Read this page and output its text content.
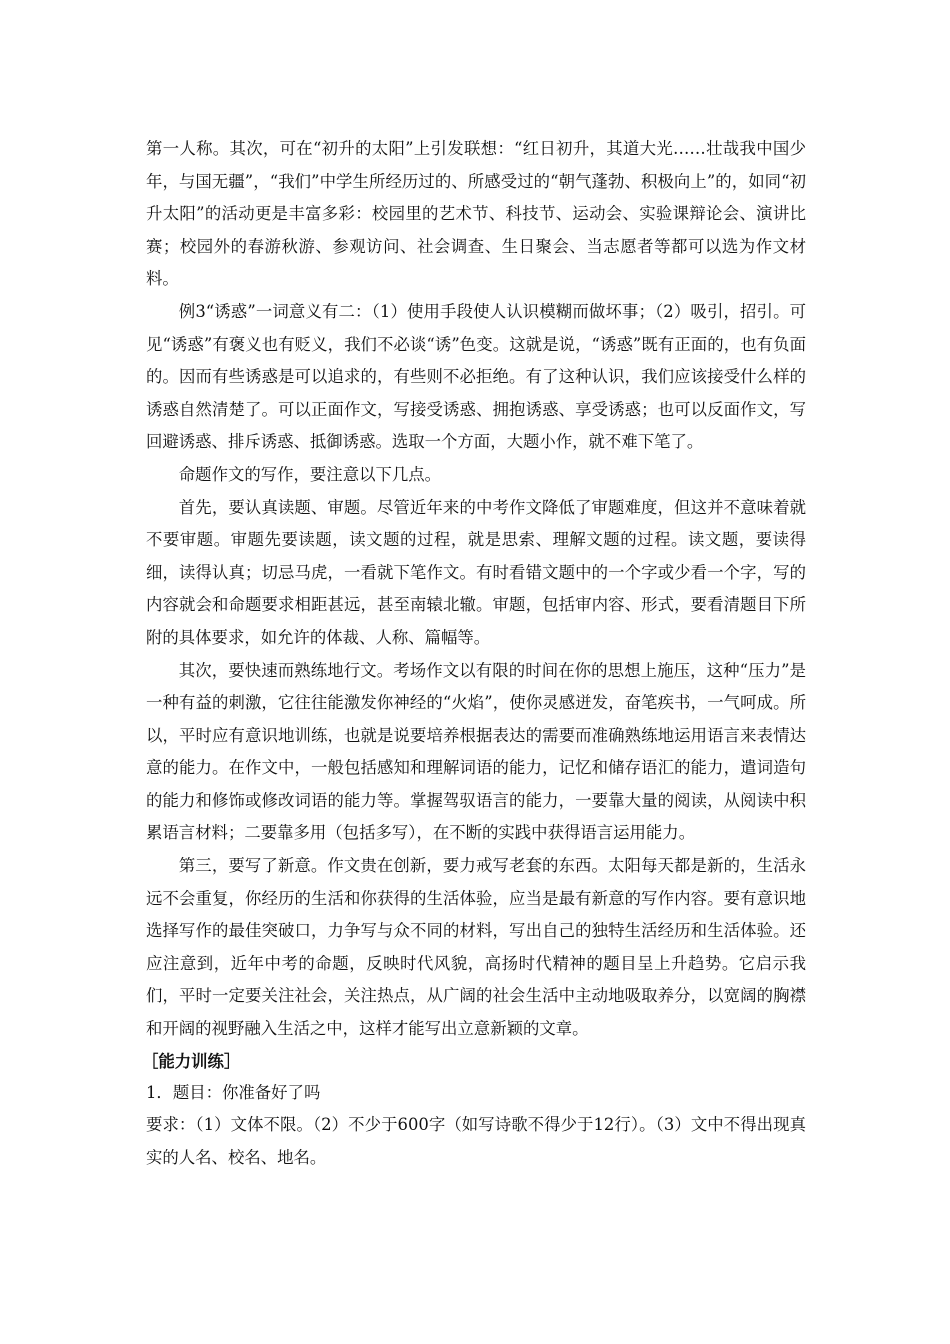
第一人称。其次，可在“初升的太阳”上引发联想：“红日初升，其道大光……壮哉我中国少年，与国无疆”，“我们”中学生所经历过的、所感受过的“朝气蓬勃、积极向上”的，如同“初升太阳”的活动更是丰富多彩：校园里的艺术节、科技节、运动会、实验课辩论会、演讲比赛；校园外的春游秋游、参观访问、社会调查、生日聚会、当志愿者等都可以选为作文材料。

例3“诱惑”一词意义有二：（1）使用手段使人认识模糊而做坏事；（2）吸引，招引。可见“诱惑”有褒义也有贬义，我们不必谈“诱”色变。这就是说，“诱惑”既有正面的，也有负面的。因而有些诱惑是可以追求的，有些则不必拒绝。有了这种认识，我们应该接受什么样的诱惑自然清楚了。可以正面作文，写接受诱惑、拥抱诱惑、享受诱惑；也可以反面作文，写回避诱惑、排斥诱惑、抵御诱惑。选取一个方面，大题小作，就不难下笔了。

命题作文的写作，要注意以下几点。

首先，要认真读题、审题。尽管近年来的中考作文降低了审题难度，但这并不意味着就不要审题。审题先要读题，读文题的过程，就是思索、理解文题的过程。读文题，要读得细，读得认真；切忌马虎，一看就下笔作文。有时看错文题中的一个字或少看一个字，写的内容就会和命题要求相距甚远，甚至南辕北辙。审题，包括审内容、形式，要看清题目下所附的具体要求，如允许的体裁、人称、篇幅等。

其次，要快速而熟练地行文。考场作文以有限的时间在你的思想上施压，这种“压力”是一种有益的刺激，它往往能激发你神经的“火焰”，使你灵感迸发，奋笔疾书，一气呵成。所以，平时应有意识地训练，也就是说要培养根据表达的需要而准确熟练地运用语言来表情达意的能力。在作文中，一般包括感知和理解词语的能力，记忆和储存语汇的能力，遣词造句的能力和修饰或修改词语的能力等。掌握驾驭语言的能力，一要靠大量的阅读，从阅读中积累语言材料；二要靠多用（包括多写），在不断的实践中获得语言运用能力。

第三，要写了新意。作文贵在创新，要力戒写老套的东西。太阳每天都是新的，生活永远不会重复，你经历的生活和你获得的生活体验，应当是最有新意的写作内容。要有意识地选择写作的最佳突破口，力争写与众不同的材料，写出自己的独特生活经历和生活体验。还应注意到，近年中考的命题，反映时代风貌，高扬时代精神的题目呈上升趋势。它启示我们，平时一定要关注社会，关注热点，从广阔的社会生活中主动地吸取养分，以宽阔的胸襟和开阔的视野融入生活之中，这样才能写出立意新颖的文章。

［能力训练］

1．题目：你准备好了吗

要求：（1）文体不限。（2）不少于600字（如写诗歌不得少于12行）。（3）文中不得出现真实的人名、校名、地名。
